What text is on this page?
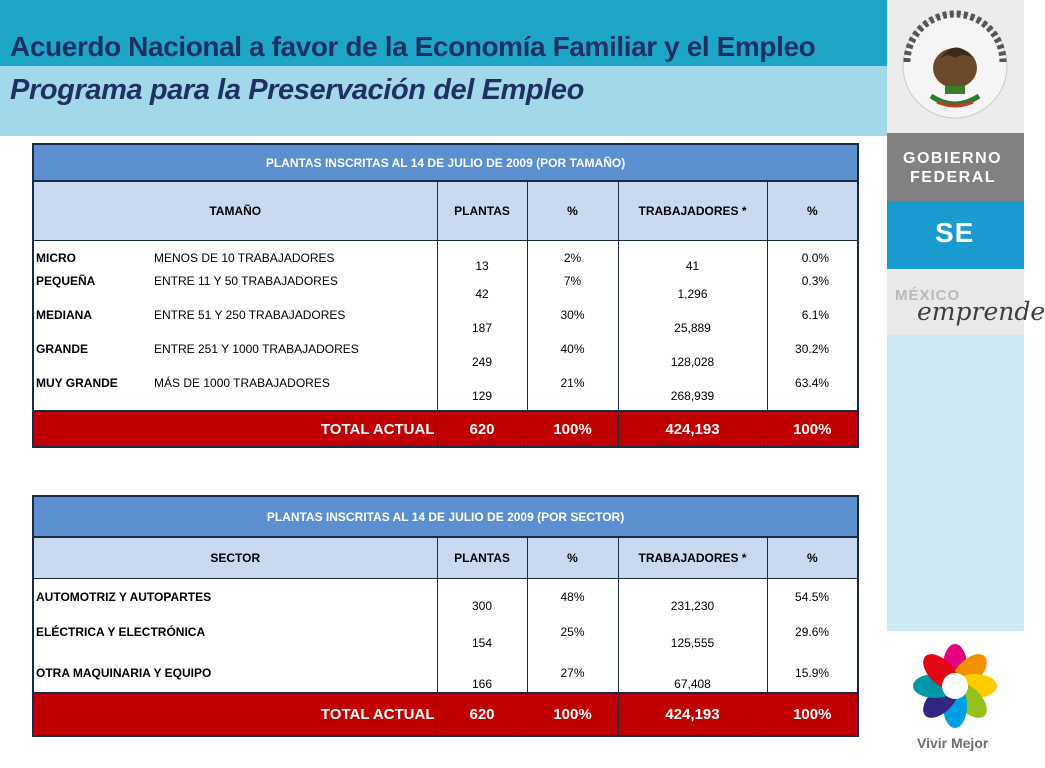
Acuerdo Nacional a favor de la Economía Familiar y el Empleo
Programa para la Preservación del Empleo
GOBIERNO
FEDERAL
SE
MÉXICO
emprende
Vivir Mejor
PLANTAS INSCRITAS AL 14 DE JULIO DE 2009 (POR TAMAÑO)					
TAMAÑO		PLANTAS	%	TRABAJADORES *	%
MICRO	MENOS DE 10 TRABAJADORES	13	2%	41	0.0%
PEQUEÑA	ENTRE 11 Y 50 TRABAJADORES	42	7%	1,296	0.3%
MEDIANA	ENTRE 51 Y 250 TRABAJADORES	187	30%	25,889	6.1%
GRANDE	ENTRE 251 Y 1000 TRABAJADORES	249	40%	128,028	30.2%
MUY GRANDE	MÁS DE 1000 TRABAJADORES	129	21%	268,939	63.4%
TOTAL ACTUAL		620	100%	424,193	100%
PLANTAS INSCRITAS AL 14 DE JULIO DE 2009 (POR SECTOR)				
SECTOR	PLANTAS	%	TRABAJADORES *	%
AUTOMOTRIZ Y AUTOPARTES	300	48%	231,230	54.5%
ELÉCTRICA Y ELECTRÓNICA	154	25%	125,555	29.6%
OTRA MAQUINARIA Y EQUIPO	166	27%	67,408	15.9%
TOTAL ACTUAL	620	100%	424,193	100%
